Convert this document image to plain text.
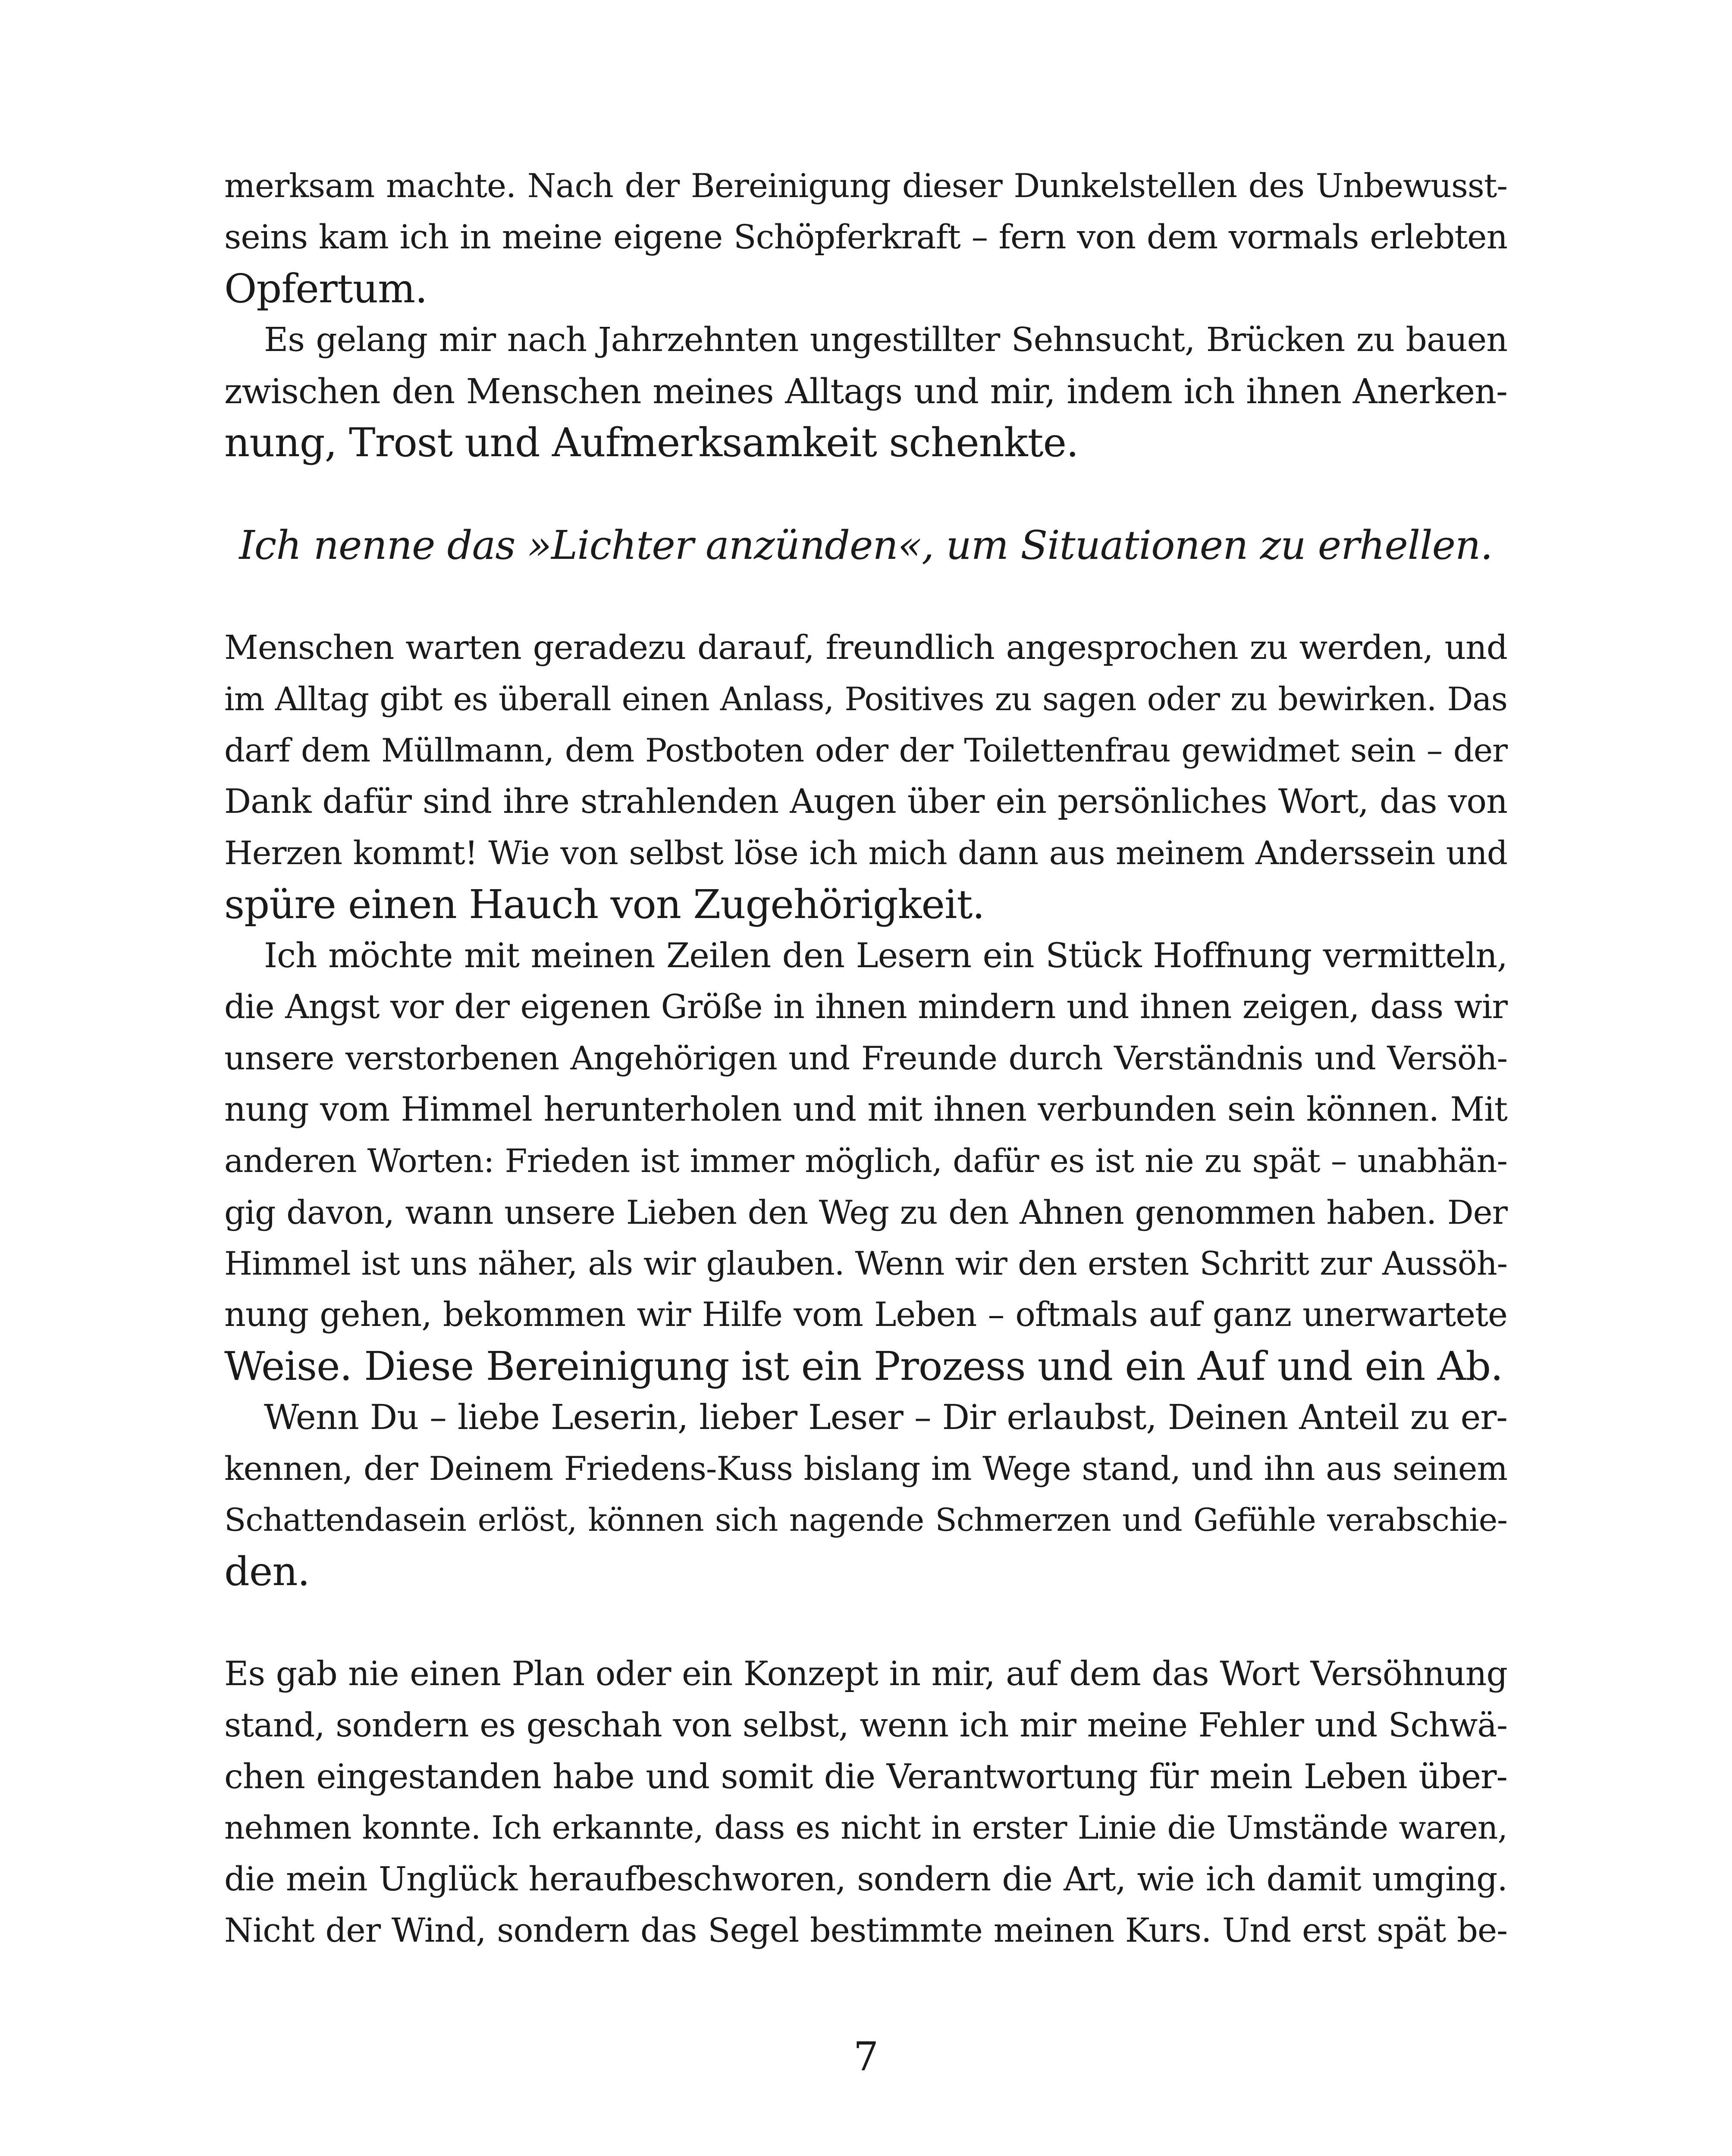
merksam machte. Nach der Bereinigung dieser Dunkelstellen des Unbewusst-
seins kam ich in meine eigene Schöpferkraft – fern von dem vormals erlebten
Opfertum.
Es gelang mir nach Jahrzehnten ungestillter Sehnsucht, Brücken zu bauen
zwischen den Menschen meines Alltags und mir, indem ich ihnen Anerken-
nung, Trost und Aufmerksamkeit schenkte.
Ich nenne das »Lichter anzünden«, um Situationen zu erhellen.
Menschen warten geradezu darauf, freundlich angesprochen zu werden, und
im Alltag gibt es überall einen Anlass, Positives zu sagen oder zu bewirken. Das
darf dem Müllmann, dem Postboten oder der Toilettenfrau gewidmet sein – der
Dank dafür sind ihre strahlenden Augen über ein persönliches Wort, das von
Herzen kommt! Wie von selbst löse ich mich dann aus meinem Anderssein und
spüre einen Hauch von Zugehörigkeit.
Ich möchte mit meinen Zeilen den Lesern ein Stück Hoffnung vermitteln,
die Angst vor der eigenen Größe in ihnen mindern und ihnen zeigen, dass wir
unsere verstorbenen Angehörigen und Freunde durch Verständnis und Versöh-
nung vom Himmel herunterholen und mit ihnen verbunden sein können. Mit
anderen Worten: Frieden ist immer möglich, dafür es ist nie zu spät – unabhän-
gig davon, wann unsere Lieben den Weg zu den Ahnen genommen haben. Der
Himmel ist uns näher, als wir glauben. Wenn wir den ersten Schritt zur Aussöh-
nung gehen, bekommen wir Hilfe vom Leben – oftmals auf ganz unerwartete
Weise. Diese Bereinigung ist ein Prozess und ein Auf und ein Ab.
Wenn Du – liebe Leserin, lieber Leser – Dir erlaubst, Deinen Anteil zu er-
kennen, der Deinem Friedens-Kuss bislang im Wege stand, und ihn aus seinem
Schattendasein erlöst, können sich nagende Schmerzen und Gefühle verabschie-
den.
Es gab nie einen Plan oder ein Konzept in mir, auf dem das Wort Versöhnung
stand, sondern es geschah von selbst, wenn ich mir meine Fehler und Schwä-
chen eingestanden habe und somit die Verantwortung für mein Leben über-
nehmen konnte. Ich erkannte, dass es nicht in erster Linie die Umstände waren,
die mein Unglück heraufbeschworen, sondern die Art, wie ich damit umging.
Nicht der Wind, sondern das Segel bestimmte meinen Kurs. Und erst spät be-
7
